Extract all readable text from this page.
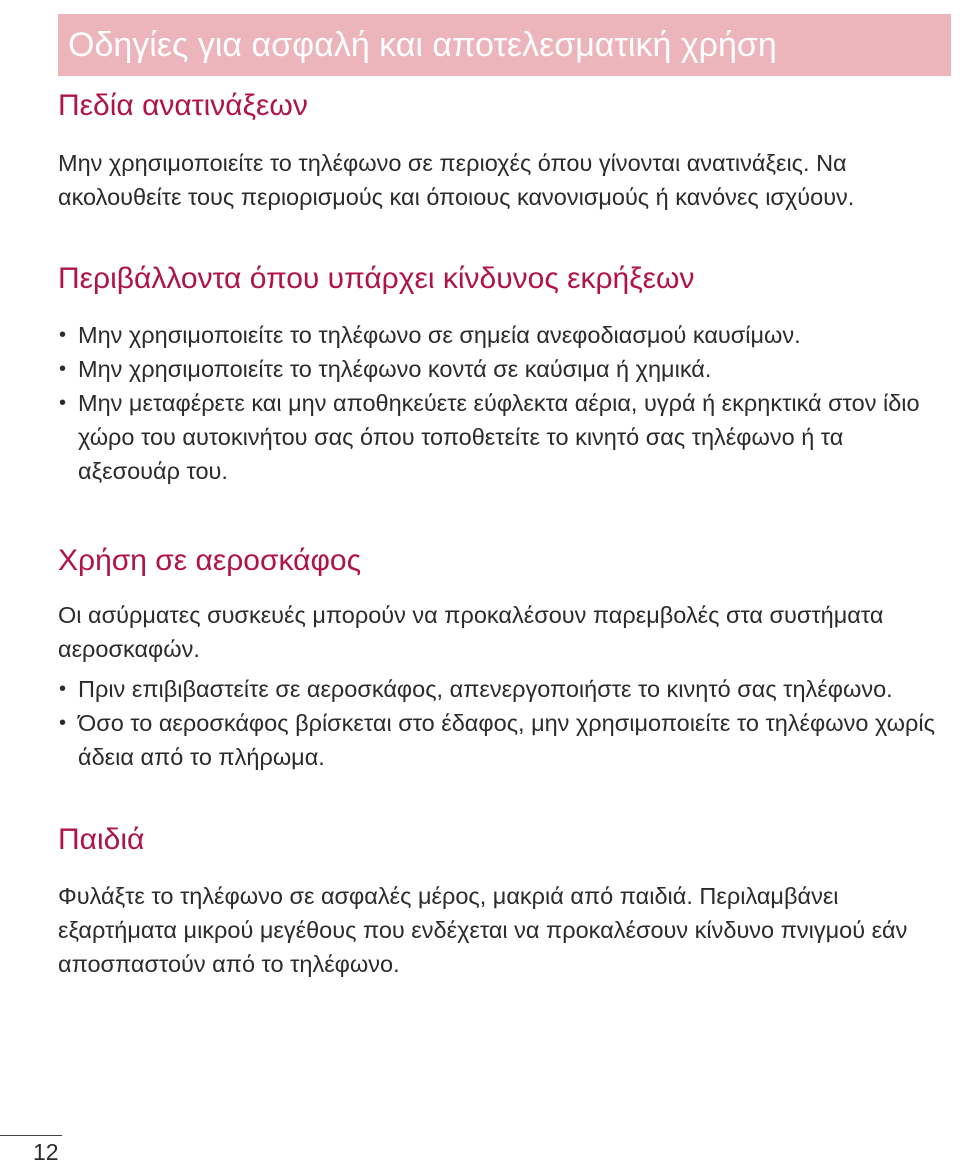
Οδηγίες για ασφαλή και αποτελεσματική χρήση
Πεδία ανατινάξεων
Μην χρησιμοποιείτε το τηλέφωνο σε περιοχές όπου γίνονται ανατινάξεις. Να ακολουθείτε τους περιορισμούς και όποιους κανονισμούς ή κανόνες ισχύουν.
Περιβάλλοντα όπου υπάρχει κίνδυνος εκρήξεων
• Μην χρησιμοποιείτε το τηλέφωνο σε σημεία ανεφοδιασμού καυσίμων.
• Μην χρησιμοποιείτε το τηλέφωνο κοντά σε καύσιμα ή χημικά.
• Μην μεταφέρετε και μην αποθηκεύετε εύφλεκτα αέρια, υγρά ή εκρηκτικά στον ίδιο χώρο του αυτοκινήτου σας όπου τοποθετείτε το κινητό σας τηλέφωνο ή τα αξεσουάρ του.
Χρήση σε αεροσκάφος
Οι ασύρματες συσκευές μπορούν να προκαλέσουν παρεμβολές στα συστήματα αεροσκαφών.
• Πριν επιβιβαστείτε σε αεροσκάφος, απενεργοποιήστε το κινητό σας τηλέφωνο.
• Όσο το αεροσκάφος βρίσκεται στο έδαφος, μην χρησιμοποιείτε το τηλέφωνο χωρίς άδεια από το πλήρωμα.
Παιδιά
Φυλάξτε το τηλέφωνο σε ασφαλές μέρος, μακριά από παιδιά. Περιλαμβάνει εξαρτήματα μικρού μεγέθους που ενδέχεται να προκαλέσουν κίνδυνο πνιγμού εάν αποσπαστούν από το τηλέφωνο.
12
